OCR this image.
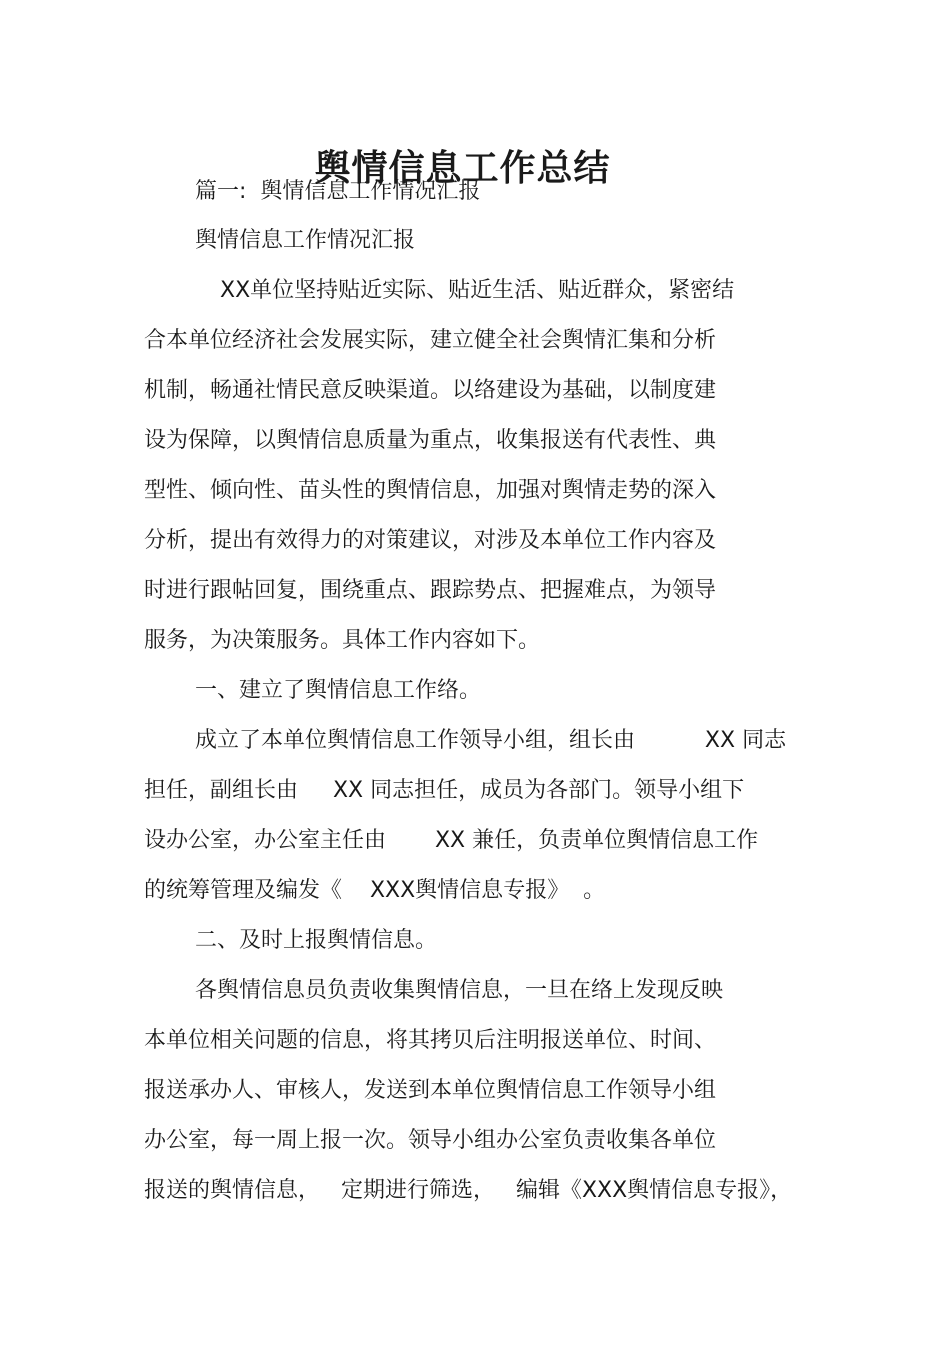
舆情信息工作总结

篇一:  舆情信息工作情况汇报

舆情信息工作情况汇报

XX单位坚持贴近实际、贴近生活、贴近群众，紧密结

合本单位经济社会发展实际，建立健全社会舆情汇集和分析

机制，畅通社情民意反映渠道。以络建设为基础，以制度建

设为保障，以舆情信息质量为重点，收集报送有代表性、典

型性、倾向性、苗头性的舆情信息，加强对舆情走势的深入

分析，提出有效得力的对策建议，对涉及本单位工作内容及

时进行跟帖回复，围绕重点、跟踪势点、把握难点，为领导

服务，为决策服务。具体工作内容如下。

一、建立了舆情信息工作络。

成立了本单位舆情信息工作领导小组，组长由          XX 同志

担任，副组长由     XX 同志担任，成员为各部门。领导小组下

设办公室，办公室主任由       XX 兼任，负责单位舆情信息工作

的统筹管理及编发《    XXX舆情信息专报》  。

二、及时上报舆情信息。

各舆情信息员负责收集舆情信息，一旦在络上发现反映

本单位相关问题的信息，将其拷贝后注明报送单位、时间、

报送承办人、审核人，发送到本单位舆情信息工作领导小组

办公室，每一周上报一次。领导小组办公室负责收集各单位

报送的舆情信息，   定期进行筛选，   编辑《XXX舆情信息专报》，
